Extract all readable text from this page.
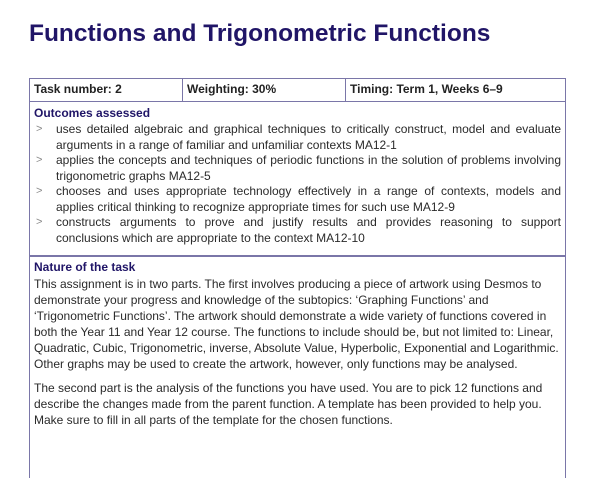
Functions and Trigonometric Functions
Task number: 2	Weighting: 30%	Timing: Term 1, Weeks 6–9
Outcomes assessed
> uses detailed algebraic and graphical techniques to critically construct, model and evaluate arguments in a range of familiar and unfamiliar contexts MA12-1
> applies the concepts and techniques of periodic functions in the solution of problems involving trigonometric graphs MA12-5
> chooses and uses appropriate technology effectively in a range of contexts, models and applies critical thinking to recognize appropriate times for such use MA12-9
> constructs arguments to prove and justify results and provides reasoning to support conclusions which are appropriate to the context MA12-10
Nature of the task

This assignment is in two parts. The first involves producing a piece of artwork using Desmos to demonstrate your progress and knowledge of the subtopics: ‘Graphing Functions’ and ‘Trigonometric Functions’. The artwork should demonstrate a wide variety of functions covered in both the Year 11 and Year 12 course. The functions to include should be, but not limited to: Linear, Quadratic, Cubic, Trigonometric, inverse, Absolute Value, Hyperbolic, Exponential and Logarithmic. Other graphs may be used to create the artwork, however, only functions may be analysed.

The second part is the analysis of the functions you have used. You are to pick 12 functions and describe the changes made from the parent function. A template has been provided to help you. Make sure to fill in all parts of the template for the chosen functions.
